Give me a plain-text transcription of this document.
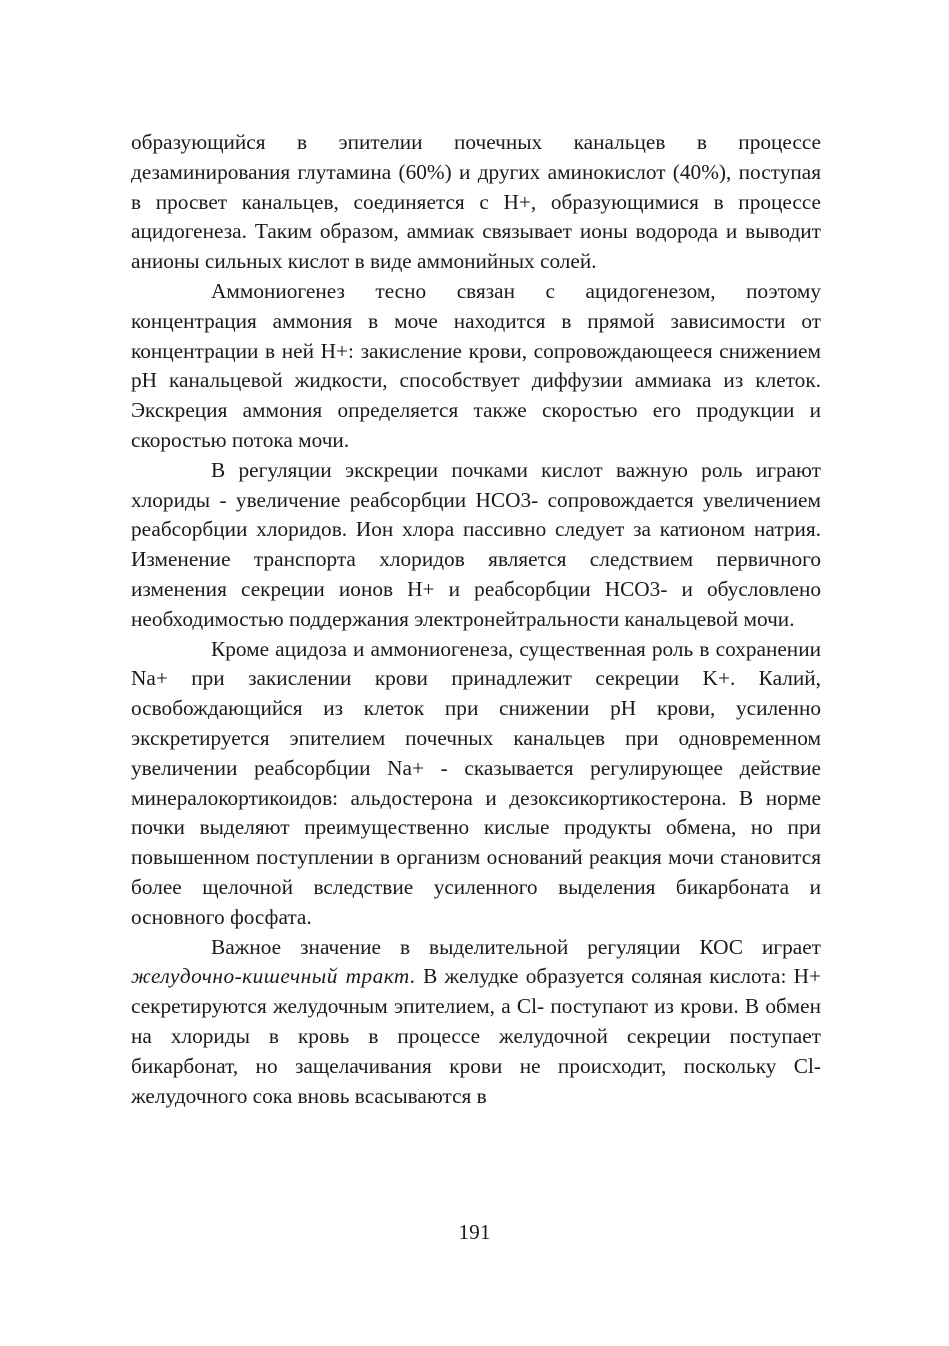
образующийся в эпителии почечных канальцев в процессе дезаминирования глутамина (60%) и других аминокислот (40%), поступая в просвет канальцев, соединяется с H+, образующимися в процессе ацидогенеза. Таким образом, аммиак связывает ионы водорода и выводит анионы сильных кислот в виде аммонийных солей.

Аммониогенез тесно связан с ацидогенезом, поэтому концентрация аммония в моче находится в прямой зависимости от концентрации в ней H+: закисление крови, сопровождающееся снижением pH канальцевой жидкости, способствует диффузии аммиака из клеток. Экскреция аммония определяется также скоростью его продукции и скоростью потока мочи.

В регуляции экскреции почками кислот важную роль играют хлориды - увеличение реабсорбции HCO3- сопровождается увеличением реабсорбции хлоридов. Ион хлора пассивно следует за катионом натрия. Изменение транспорта хлоридов является следствием первичного изменения секреции ионов H+ и реабсорбции HCO3- и обусловлено необходимостью поддержания электронейтральности канальцевой мочи.

Кроме ацидоза и аммониогенеза, существенная роль в сохранении Na+ при закислении крови принадлежит секреции K+. Калий, освобождающийся из клеток при снижении pH крови, усиленно экскретируется эпителием почечных канальцев при одновременном увеличении реабсорбции Na+ - сказывается регулирующее действие минералокортикоидов: альдостерона и дезоксикортикостерона. В норме почки выделяют преимущественно кислые продукты обмена, но при повышенном поступлении в организм оснований реакция мочи становится более щелочной вследствие усиленного выделения бикарбоната и основного фосфата.

Важное значение в выделительной регуляции КОС играет желудочно-кишечный тракт. В желудке образуется соляная кислота: H+ секретируются желудочным эпителием, а Cl- поступают из крови. В обмен на хлориды в кровь в процессе желудочной секреции поступает бикарбонат, но защелачивания крови не происходит, поскольку Cl- желудочного сока вновь всасываются в

191
